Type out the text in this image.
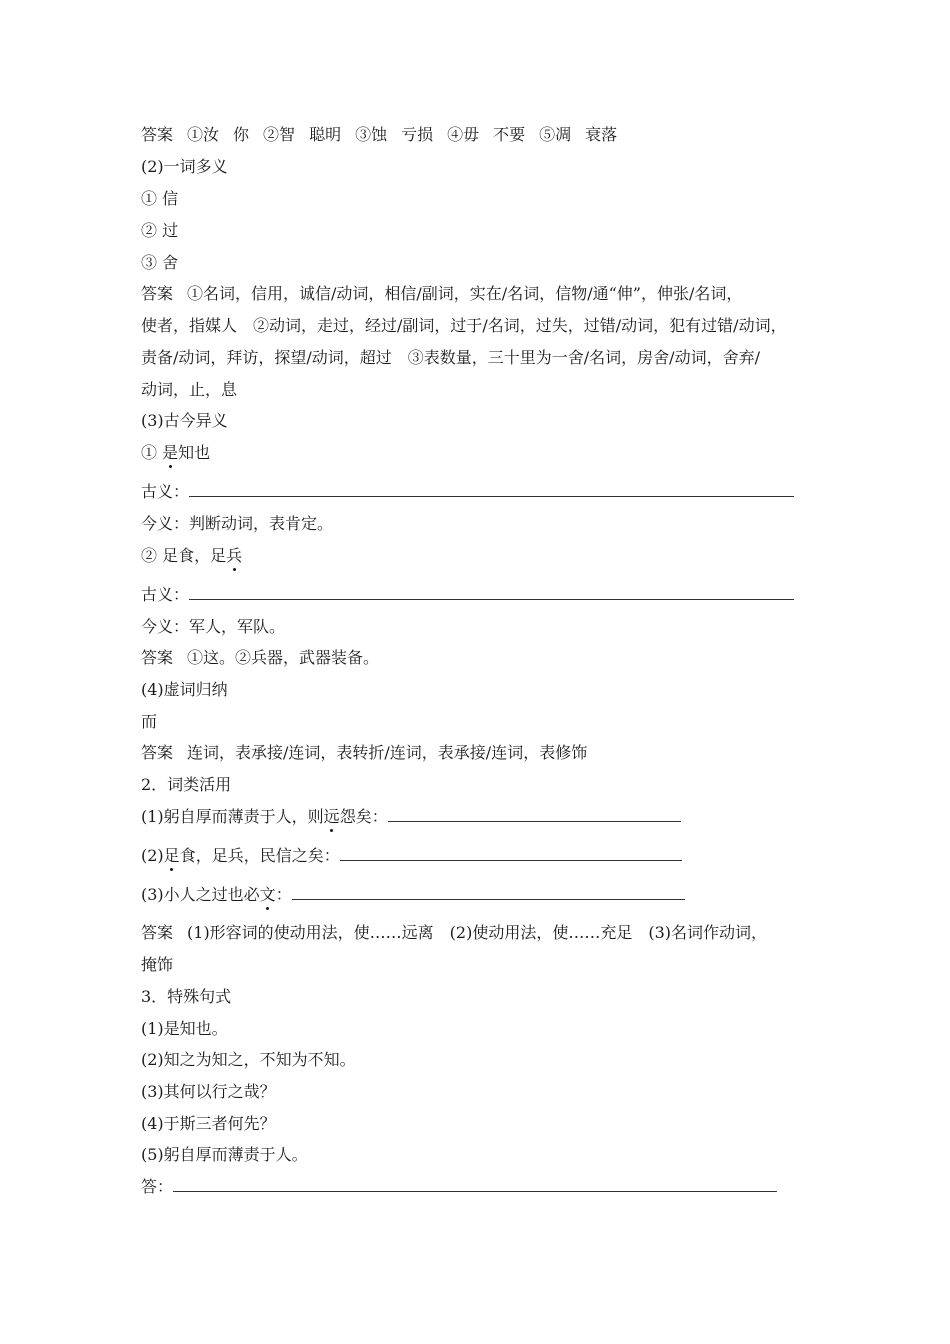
答案 ①汝 你 ②智 聪明 ③蚀 亏损 ④毋 不要 ⑤凋 衰落
(2)一词多义
① 信
② 过
③ 舍
答案 ①名词，信用，诚信/动词，相信/副词，实在/名词，信物/通“伸”，伸张/名词，
使者，指媒人　②动词，走过，经过/副词，过于/名词，过失，过错/动词，犯有过错/动词，
责备/动词，拜访，探望/动词，超过　③表数量，三十里为一舍/名词，房舍/动词，舍弃/
动词，止，息
(3)古今异义
① 是知也
古义：
今义：判断动词，表肯定。
② 足食，足兵
古义：
今义：军人，军队。
答案 ①这。②兵器，武器装备。
(4)虚词归纳
而
答案 连词，表承接/连词，表转折/连词，表承接/连词，表修饰
2．词类活用
(1)躬自厚而薄责于人，则远怨矣：
(2)足食，足兵，民信之矣：
(3)小人之过也必文：
答案 (1)形容词的使动用法，使……远离　(2)使动用法，使……充足　(3)名词作动词，
掩饰
3．特殊句式
(1)是知也。
(2)知之为知之，不知为不知。
(3)其何以行之哉？
(4)于斯三者何先？
(5)躬自厚而薄责于人。
答：
